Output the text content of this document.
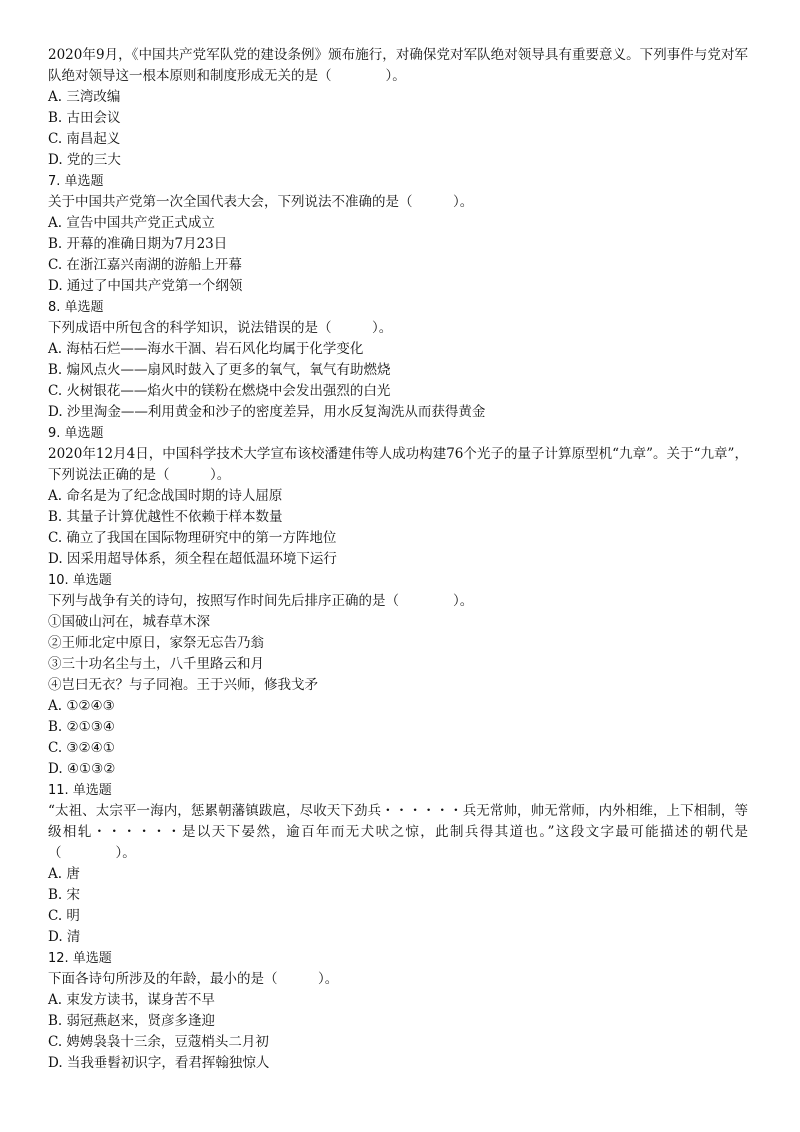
2020年9月，《中国共产党军队党的建设条例》颁布施行，对确保党对军队绝对领导具有重要意义。下列事件与党对军队绝对领导这一根本原则和制度形成无关的是（　　　　）。

A. 三湾改编

B. 古田会议

C. 南昌起义

D. 党的三大

7. 单选题

关于中国共产党第一次全国代表大会，下列说法不准确的是（　　　）。

A. 宣告中国共产党正式成立

B. 开幕的准确日期为7月23日

C. 在浙江嘉兴南湖的游船上开幕

D. 通过了中国共产党第一个纲领

8. 单选题

下列成语中所包含的科学知识，说法错误的是（　　　）。

A. 海枯石烂——海水干涸、岩石风化均属于化学变化

B. 煽风点火——扇风时鼓入了更多的氧气，氧气有助燃烧

C. 火树银花——焰火中的镁粉在燃烧中会发出强烈的白光

D. 沙里淘金——利用黄金和沙子的密度差异，用水反复淘洗从而获得黄金

9. 单选题

2020年12月4日，中国科学技术大学宣布该校潘建伟等人成功构建76个光子的量子计算原型机“九章”。关于“九章”，下列说法正确的是（　　　）。

A. 命名是为了纪念战国时期的诗人屈原

B. 其量子计算优越性不依赖于样本数量

C. 确立了我国在国际物理研究中的第一方阵地位

D. 因采用超导体系，须全程在超低温环境下运行

10. 单选题

下列与战争有关的诗句，按照写作时间先后排序正确的是（　　　　）。

①国破山河在，城春草木深

②王师北定中原日，家祭无忘告乃翁

③三十功名尘与土，八千里路云和月

④岂曰无衣？与子同袍。王于兴师，修我戈矛

A. ①②④③

B. ②①③④

C. ③②④①

D. ④①③②

11. 单选题

“太祖、太宗平一海内，惩累朝藩镇跋扈，尽收天下劲兵・・・・・・兵无常帅，帅无常师，内外相维，上下相制，等级相轧・・・・・・是以天下晏然，逾百年而无犬吠之惊，此制兵得其道也。”这段文字最可能描述的朝代是（　　　　）。

A. 唐

B. 宋

C. 明

D. 清

12. 单选题

下面各诗句所涉及的年龄，最小的是（　　　）。

A. 束发方读书，谋身苦不早

B. 弱冠燕赵来，贤彦多逢迎

C. 娉娉袅袅十三余，豆蔻梢头二月初

D. 当我垂髫初识字，看君挥翰独惊人
